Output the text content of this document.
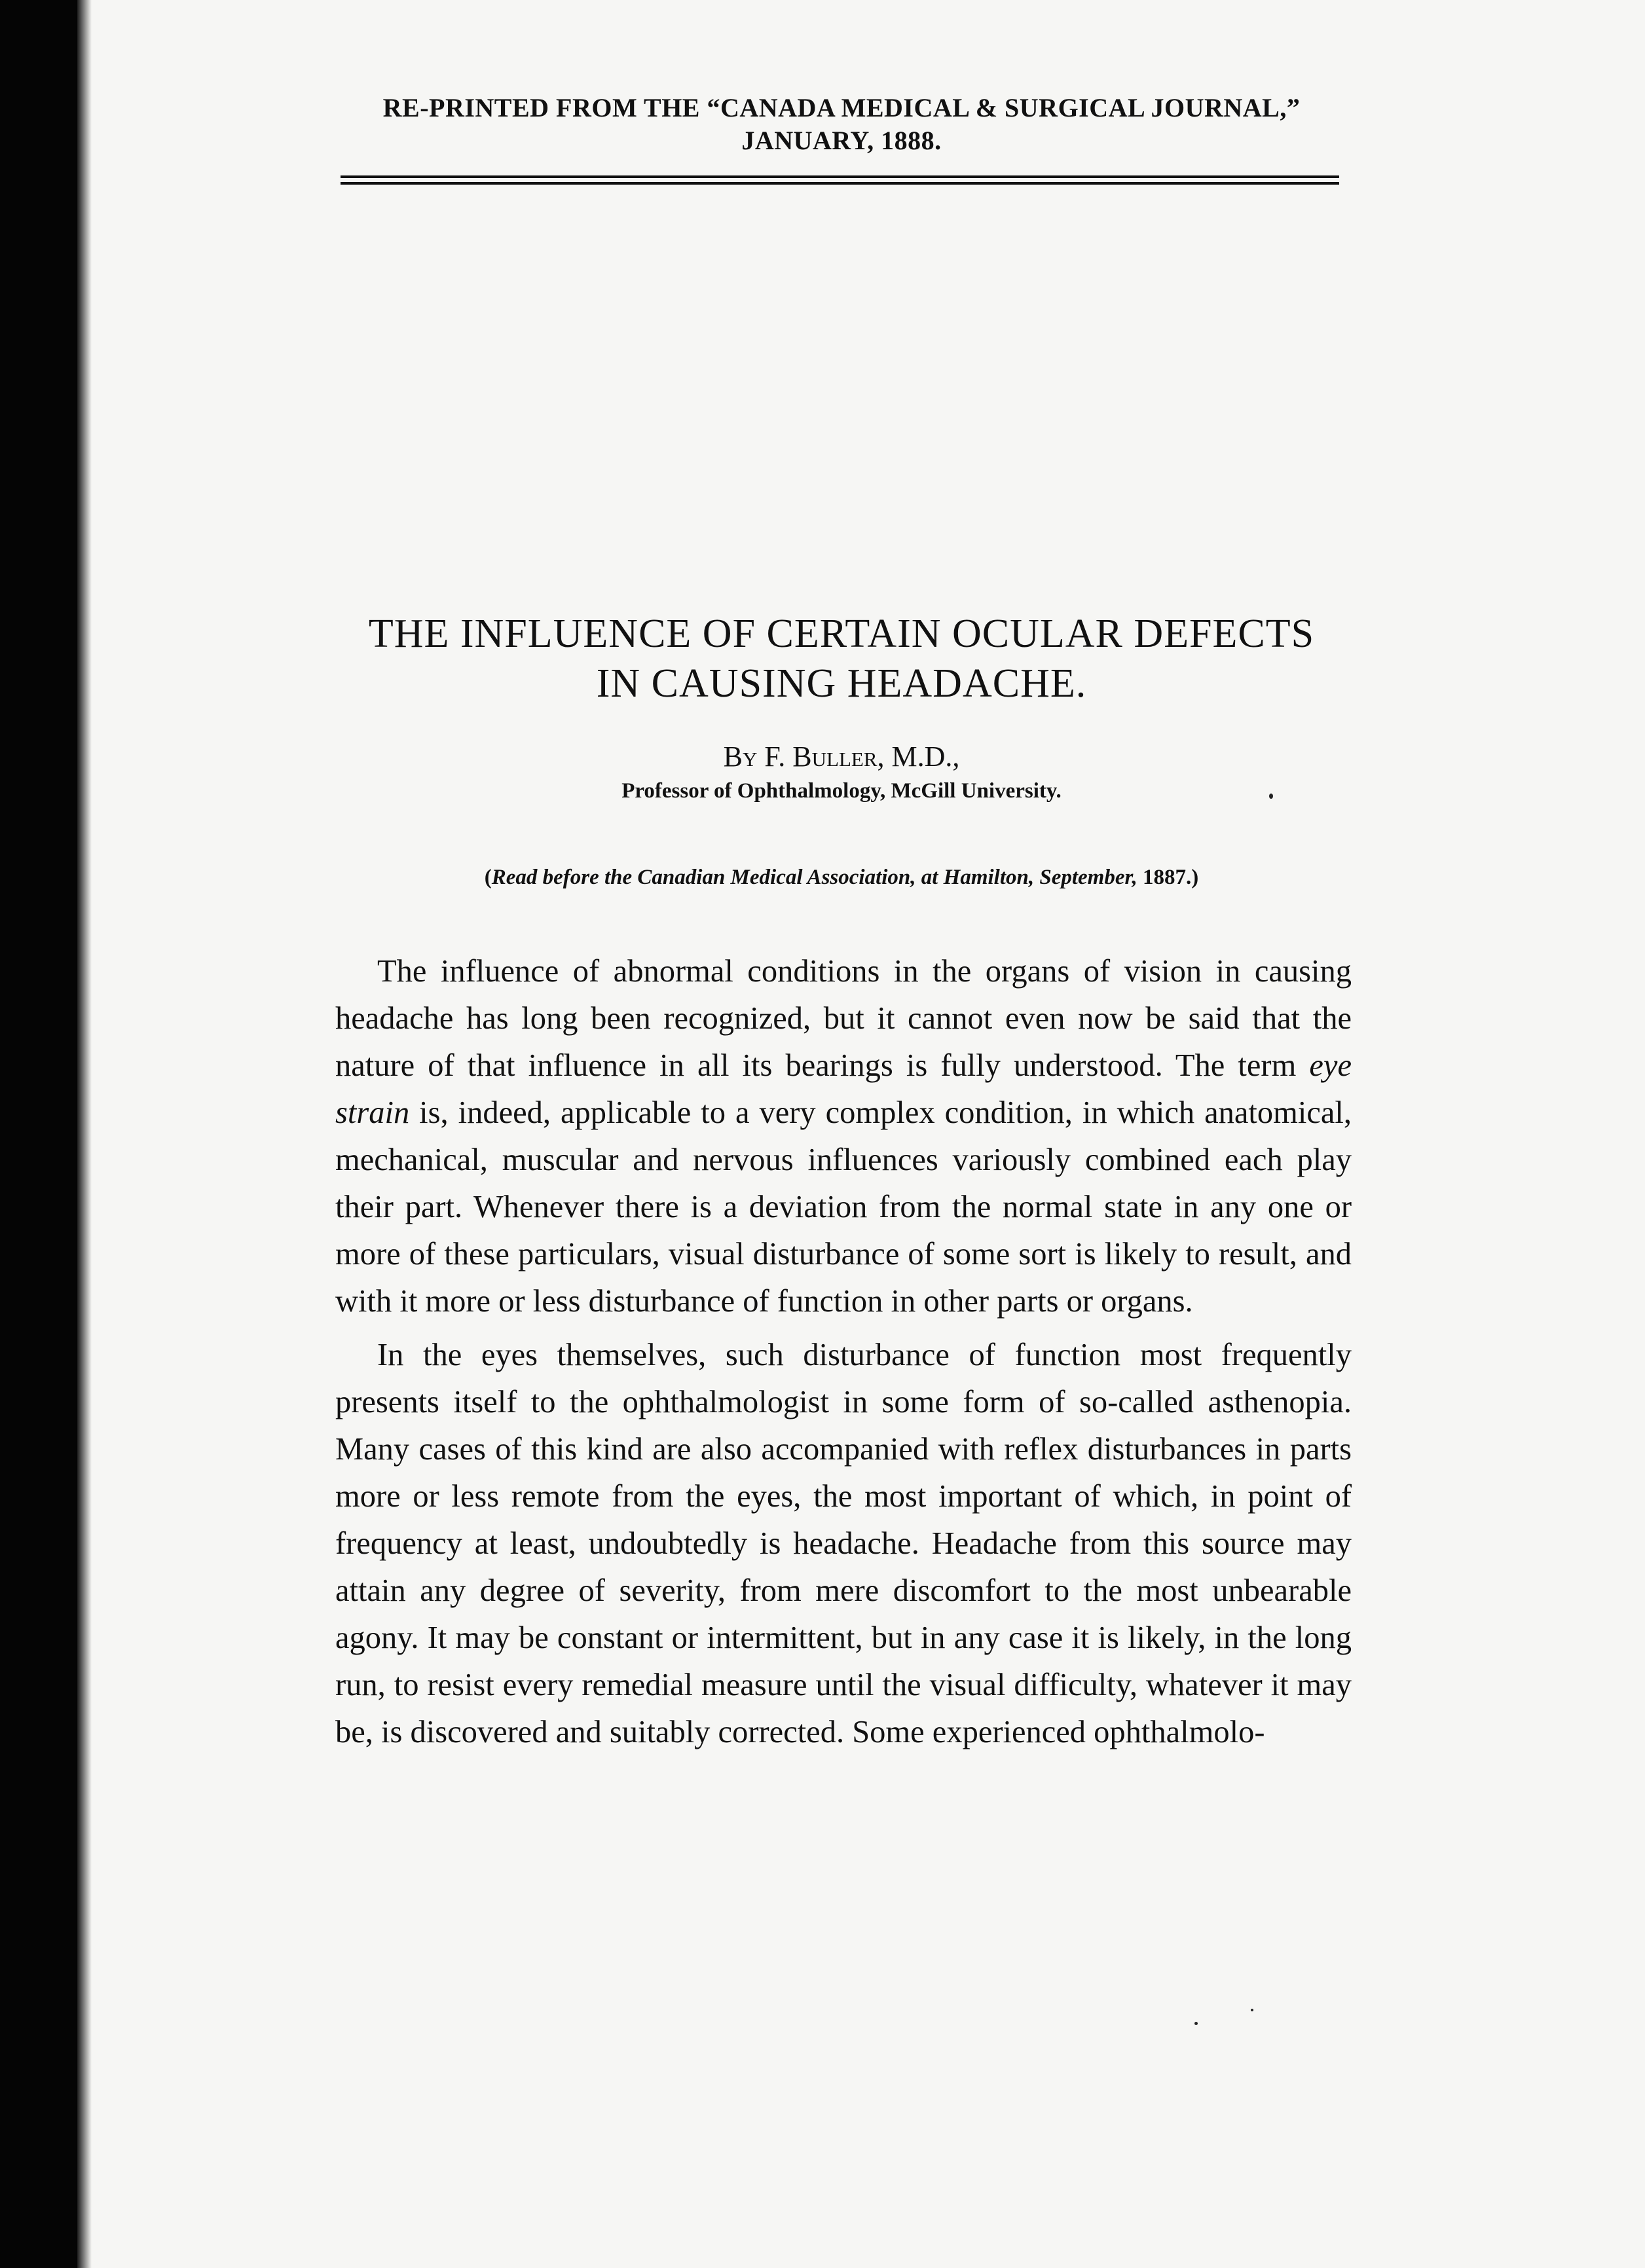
RE-PRINTED FROM THE “CANADA MEDICAL & SURGICAL JOURNAL,”
JANUARY, 1888.
THE INFLUENCE OF CERTAIN OCULAR DEFECTS
IN CAUSING HEADACHE.
By F. Buller, M.D.,
Professor of Ophthalmology, McGill University.
(Read before the Canadian Medical Association, at Hamilton, September, 1887.)

The influence of abnormal conditions in the organs of vision in causing headache has long been recognized, but it cannot even now be said that the nature of that influence in all its bearings is fully understood. The term eye strain is, indeed, applicable to a very complex condition, in which anatomical, mechanical, muscular and nervous influences variously combined each play their part. Whenever there is a deviation from the normal state in any one or more of these particulars, visual disturbance of some sort is likely to result, and with it more or less disturbance of function in other parts or organs.

In the eyes themselves, such disturbance of function most frequently presents itself to the ophthalmologist in some form of so-called asthenopia. Many cases of this kind are also accompanied with reflex disturbances in parts more or less remote from the eyes, the most important of which, in point of frequency at least, undoubtedly is headache. Headache from this source may attain any degree of severity, from mere discomfort to the most unbearable agony. It may be constant or intermittent, but in any case it is likely, in the long run, to resist every remedial measure until the visual difficulty, whatever it may be, is discovered and suitably corrected. Some experienced ophthalmolo-
